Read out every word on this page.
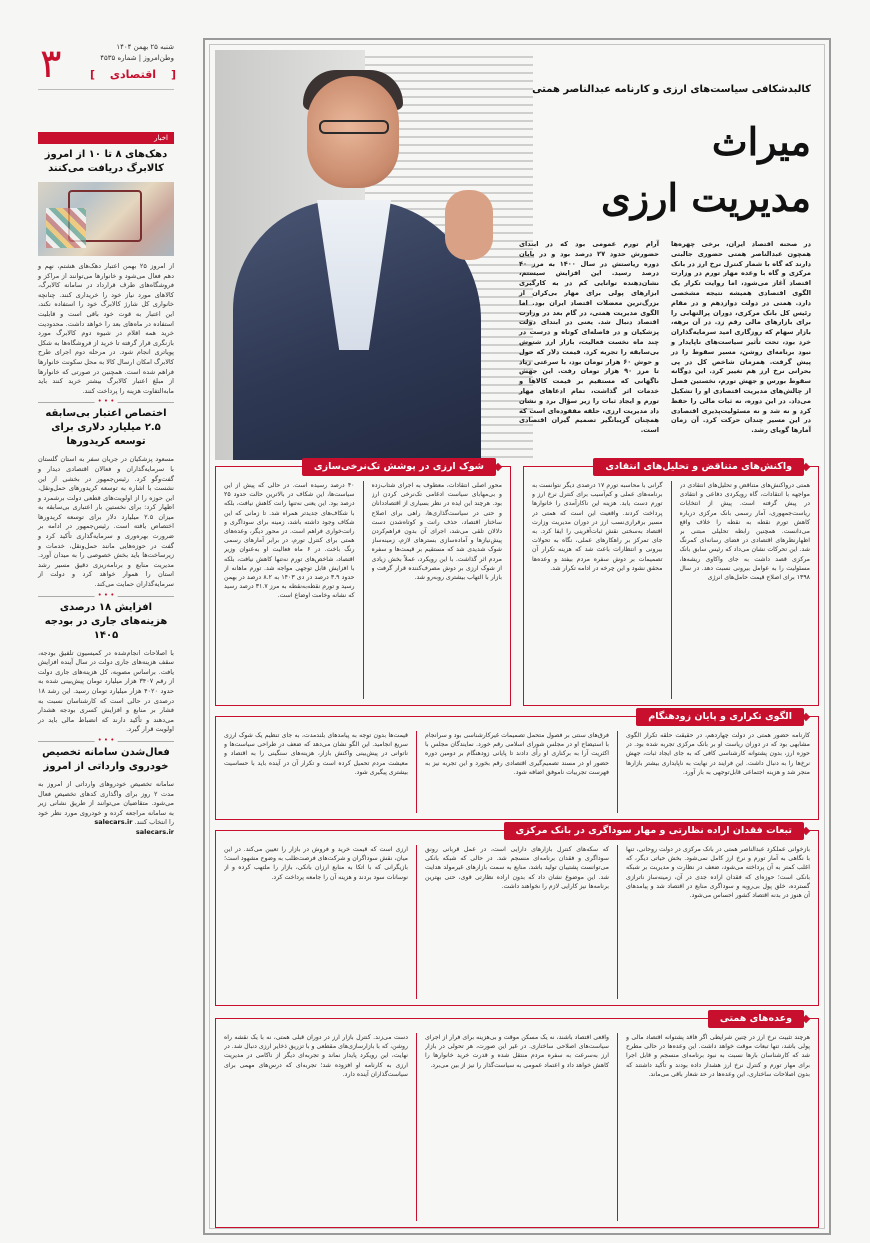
۳	شنبه ۲۵ بهمن ۱۴۰۴
وطن‌امروز | شماره ۴۵۳۵
[ اقتصادی ]
اخبار
دهک‌های ۸ تا ۱۰ از امروز کالابرگ دریافت می‌کنند
از امروز ۲۵ بهمن اعتبار دهک‌های هشتم، نهم و دهم فعال می‌شود و خانوارها می‌توانند از مراکز و فروشگاه‌های طرف قرارداد در سامانه کالابرگ، کالاهای مورد نیاز خود را خریداری کنند. چنانچه خانواری کل شارژ کالابرگ خود را استفاده نکند، این اعتبار به قوت خود باقی است و قابلیت استفاده در ماه‌های بعد را خواهد داشت. محدودیت خرید همه اقلام در شیوه دوم کالابرگ مورد بازنگری قرار گرفته تا خرید از فروشگاه‌ها به شکل پویاتری انجام شود. در مرحله دوم اجرای طرح کالابرگ امکان ارسال کالا به محل سکونت خانوارها فراهم شده است. همچنین در صورتی که خانوارها از مبلغ اعتبار کالابرگ بیشتر خرید کنند باید مابه‌التفاوت هزینه را پرداخت کنند.
• • •
اختصاص اعتبار بی‌سابقه ۲.۵ میلیارد دلاری برای توسعه کریدورها
مسعود پزشکیان در جریان سفر به استان گلستان با سرمایه‌گذاران و فعالان اقتصادی دیدار و گفت‌وگو کرد. رئیس‌جمهور در بخشی از این نشست با اشاره به توسعه کریدورهای حمل‌ونقل، این حوزه را از اولویت‌های قطعی دولت برشمرد و اظهار کرد: برای نخستین بار اعتباری بی‌سابقه به میزان ۲.۵ میلیارد دلار برای توسعه کریدورها اختصاص یافته است. رئیس‌جمهور در ادامه بر ضرورت بهره‌وری و سرمایه‌گذاری تأکید کرد و گفت در حوزه‌هایی مانند حمل‌ونقل، خدمات و زیرساخت‌ها باید بخش خصوصی را به میدان آورد. مدیریت منابع و برنامه‌ریزی دقیق مسیر رشد استان را هموار خواهد کرد و دولت از سرمایه‌گذاران حمایت می‌کند.
• • •
افزایش ۱۸ درصدی هزینه‌های جاری در بودجه ۱۴۰۵
با اصلاحات انجام‌شده در کمیسیون تلفیق بودجه، سقف هزینه‌های جاری دولت در سال آینده افزایش یافت. براساس مصوبه، کل هزینه‌های جاری دولت از رقم ۳۴۰۷ هزار میلیارد تومان پیش‌بینی شده به حدود ۴۰۲۰ هزار میلیارد تومان رسید. این رشد ۱۸ درصدی در حالی است که کارشناسان نسبت به فشار بر منابع و افزایش کسری بودجه هشدار می‌دهند و تأکید دارند که انضباط مالی باید در اولویت قرار گیرد.
• • •
فعال‌شدن سامانه تخصیص خودروی وارداتی از امروز
سامانه تخصیص خودروهای وارداتی از امروز به مدت ۲ روز برای واگذاری کدهای تخصیص فعال می‌شود. متقاضیان می‌توانند از طریق نشانی زیر به سامانه مراجعه کرده و خودروی مورد نظر خود را انتخاب کنند. salecars.ir
salecars.ir
کالبدشکافی سیاست‌های ارزی و کارنامه عبدالناصر همتی
میراث
مدیریت ارزی
در صحنه اقتصاد ایران، برخی چهره‌ها همچون عبدالناصر همتی حضوری جالبتی دارند که گاه با شمار کنترل نرخ ارز در بانک مرکزی و گاه با وعده مهار تورم در وزارت اقتصاد آغاز می‌شود، اما روایت تکرار یک الگوی اقتصادی همیشه نتیجه مشخصی دارد. همتی در دولت دوازدهم و در مقام رئیس کل بانک مرکزی، دوران پرالتهابی را برای بازارهای مالی رقم زد. در آن برهه، بازار سهام که روزگاری امید سرمایه‌گذاران خرد بود، تحت تأثیر سیاست‌های ناپایدار و نبود برنامه‌ای روشن، مسیر سقوط را در پیش گرفت. همزمان شاخص کل در پی بحرانی نرخ ارز هم تغییر کرد. این دوگانه سقوط بورس و جهش تورم، نخستین فصل از چالش‌های مدیریت اقتصادی او را تشکیل می‌داد. در این دوره، نه ثبات مالی را حفظ کرد و نه شد و نه مسئولیت‌پذیری اقتصادی در این مسیر چندان حرکت کرد. آن زمان آمارها گویای رشد.
آرام تورم عمومی بود که در ابتدای حضورش حدود ۲۷ درصد بود و در پایان دوره ریاستش در سال ۱۴۰۰ به مرز ۴۰ درصد رسید. این افزایش سیستم، نشان‌دهنده توانایی کم در به کارگیری ابزارهای پولی برای مهار بی‌کران از بزرگ‌ترین معضلات اقتصاد ایران بود. اما الگوی مدیریت همتی، در گام بعد در وزارت اقتصاد دنبال شد. یعنی در ابتدای دولت پزشکیان و در فاصله‌ای کوتاه و درست در چند ماه نخست فعالیت، بازار ارز شتوش بی‌سابقه را تجربه کرد. قیمت دلار که حول و حوش ۶۰ هزار تومان بود، با سرعتی زیاد تا مرز ۹۰ هزار تومان رفت. این جهش ناگهانی که مستقیم بر قیمت کالاها و خدمات اثر گذاشت، تمام ادعاهای مهار تورم و ایجاد ثبات را زیر سؤال برد و نشان داد مدیریت ارزی، حلقه مفقوده‌ای است که همچنان گریبانگیر تصمیم گیران اقتصادی است.
واکنش‌های متناقض و تحلیل‌های انتقادی
همتی درواکنش‌های متناقض و تحلیل‌های انتقادی در مواجهه با انتقادات، گاه رویکردی دفاعی و انتقادی در پیش گرفته است. پیش از انتخابات ریاست‌جمهوری، آمار رسمی بانک مرکزی درباره کاهش تورم نقطه به نقطه را خلاف واقع می‌دانست. همچنین رابطه تحلیلی مبتنی بر اظهارنظرهای اقتصادی در فضای رسانه‌ای کمرنگ شد. این تحرکات نشان می‌داد که رئیس سابق بانک مرکزی قصد داشت به جای واکاوی ریشه‌ها، مسئولیت را به عوامل بیرونی نسبت دهد. در سال ۱۳۹۸ برای اصلاح قیمت حامل‌های انرژی
گرانی با محاسبه تورم ۱۷ درصدی دیگر نتوانست به برنامه‌های عملی و کم‌آسیب برای کنترل نرخ ارز و تورم دست یابد. هزینه این ناکارآمدی را خانوارها پرداخت کردند. واقعیت این است که همتی در مسیر برقراری‌نسب ارز در دوران مدیریت وزارت اقتصاد به‌سختی نقش ثبات‌آفرینی را ایفا کرد. به جای تمرکز بر راهکارهای عملی، نگاه به تحولات بیرونی و انتظارات باعث شد که هزینه تکرار آن تصمیمات بر دوش سفره مردم بیفتد و وعده‌ها محقق نشود و این چرخه در ادامه تکرار شد.
شوک ارزی در پوشش تک‌نرخی‌سازی
محور اصلی انتقادات، معطوف به اجرای شتاب‌زده و بی‌مهابای سیاست ادغامی تک‌نرخی کردن ارز بود. هرچند این ایده در نظر بسیاری از اقتصاددانان و حتی در سیاست‌گذاری‌ها، راهی برای اصلاح ساختار اقتصاد، حذف رانت و کوتاه‌شدن دست دلالان تلقی می‌شد، اجرای آن بدون فراهم‌کردن پیش‌نیازها و آماده‌سازی بسترهای لازم، زمینه‌ساز شوک شدیدی شد که مستقیم بر قیمت‌ها و سفره مردم اثر گذاشت. با این رویکرد، عملاً بخش زیادی از شوک ارزی بر دوش مصرف‌کننده قرار گرفت و بازار با التهاب بیشتری روبه‌رو شد.
۴۰ درصد رسیده است. در حالی که پیش از این سیاست‌ها، این شکاف در بالاترین حالت حدود ۲۵ درصد بود. این یعنی نه‌تنها رانت کاهش نیافت، بلکه با شکاف‌های جدیدتر همراه شد. تا زمانی که این شکاف وجود داشته باشد، زمینه برای سوداگری و رانت‌خواری فراهم است. در محور دیگر، وعده‌های همتی برای کنترل تورم، در برابر آمارهای رسمی رنگ باخت. در ۶ ماه فعالیت او به‌عنوان وزیر اقتصاد، شاخص‌های تورم نه‌تنها کاهش نیافت، بلکه با افزایش قابل توجهی مواجه شد. تورم ماهانه از حدود ۳.۹ درصد در دی ۱۴۰۳ به ۸.۲ درصد در بهمن رسید و تورم نقطه‌به‌نقطه به مرز ۳۱.۷ درصد رسید که نشانه وخامت اوضاع است.
الگوی تکراری و پایان زودهنگام
کارنامه حضور همتی در دولت چهاردهم، در حقیقت حلقه تکرار الگوی مشابهی بود که در دوران ریاست او بر بانک مرکزی تجربه شده بود. در حوزه ارز، بدون پشتوانه کارشناسی کافی که به جای ایجاد ثبات، جهش نرخ‌ها را به دنبال داشت. این فرایند در نهایت به ناپایداری بیشتر بازارها منجر شد و هزینه اجتماعی قابل‌توجهی به بار آورد.
فرق‌های سنتی بر فصول متحمل تصمیمات غیرکارشناسی بود و سرانجام با استیضاح او در مجلس شورای اسلامی رقم خورد. نمایندگان مجلس با اکثریت آرا به برکناری او رأی دادند تا پایانی زودهنگام بر دومین دوره حضور او در مسند تصمیم‌گیری اقتصادی رقم بخورد و این تجربه نیز به فهرست تجربیات ناموفق اضافه شود.
قیمت‌ها بدون توجه به پیامدهای بلندمدت، به جای تنظیم یک شوک ارزی سریع انجامید. این الگو نشان می‌دهد که ضعف در طراحی سیاست‌ها و ناتوانی در پیش‌بینی واکنش بازار، هزینه‌های سنگینی را به اقتصاد و معیشت مردم تحمیل کرده است و تکرار آن در آینده باید با حساسیت بیشتری پیگیری شود.
تبعات فقدان اراده نظارتی و مهار سوداگری در بانک مرکزی
بازخوانی عملکرد عبدالناصر همتی در بانک مرکزی در دولت روحانی، تنها با نگاهی به آمار تورم و نرخ ارز کامل نمی‌شود. بخش حیاتی دیگر، که اغلب کمتر به آن پرداخته می‌شود، ضعف در نظارت و مدیریت بر شبکه بانکی است؛ حوزه‌ای که فقدان اراده جدی در آن، زمینه‌ساز ناترازی گسترده، خلق پول بی‌رویه و سوداگری منابع در اقتصاد شد و پیامدهای آن هنوز در بدنه اقتصاد کشور احساس می‌شود.
که سکه‌های کنترل بازارهای دارایی است، در عمل قربانی رونق سوداگری و فقدان برنامه‌ای منسجم شد. در حالی که شبکه بانکی می‌توانست پشتیبان تولید باشد، منابع به سمت بازارهای غیرمولد هدایت شد. این موضوع نشان داد که بدون اراده نظارتی قوی، حتی بهترین برنامه‌ها نیز کارایی لازم را نخواهند داشت.
ارزی است که قیمت خرید و فروش در بازار را تعیین می‌کند. در این میان، نقش سوداگران و شرکت‌های فرصت‌طلب به وضوح مشهود است؛ بازیگرانی که با اتکا به منابع ارزان بانکی، بازار را ملتهب کرده و از نوسانات سود بردند و هزینه آن را جامعه پرداخت کرد.
وعده‌های همتی
هرچند تثبیت نرخ ارز در چنین شرایطی اگر فاقد پشتوانه اقتصاد مالی و پولی باشد، تنها تبعات موقت خواهد داشت. این وعده‌ها در حالی مطرح شد که کارشناسان بارها نسبت به نبود برنامه‌ای منسجم و قابل اجرا برای مهار تورم و کنترل نرخ ارز هشدار داده بودند و تأکید داشتند که بدون اصلاحات ساختاری، این وعده‌ها در حد شعار باقی می‌ماند.
واقعی اقتصاد باشند، نه یک مسکن موقت و بی‌هزینه برای فرار از اجرای سیاست‌های اصلاحی ساختاری. در غیر این صورت، هر تحولی در بازار ارز به‌سرعت به سفره مردم منتقل شده و قدرت خرید خانوارها را کاهش خواهد داد و اعتماد عمومی به سیاست‌گذار را نیز از بین می‌برد.
دست می‌زند. کنترل بازار ارز در دوران قبلی همتی، نه با یک نقشه راه روشن، که با بازارسازی‌های مقطعی و با تزریق ذخایر ارزی دنبال شد. در نهایت، این رویکرد پایدار نماند و تجربه‌ای دیگر از ناکامی در مدیریت ارزی به کارنامه او افزوده شد؛ تجربه‌ای که درس‌های مهمی برای سیاست‌گذاران آینده دارد.
